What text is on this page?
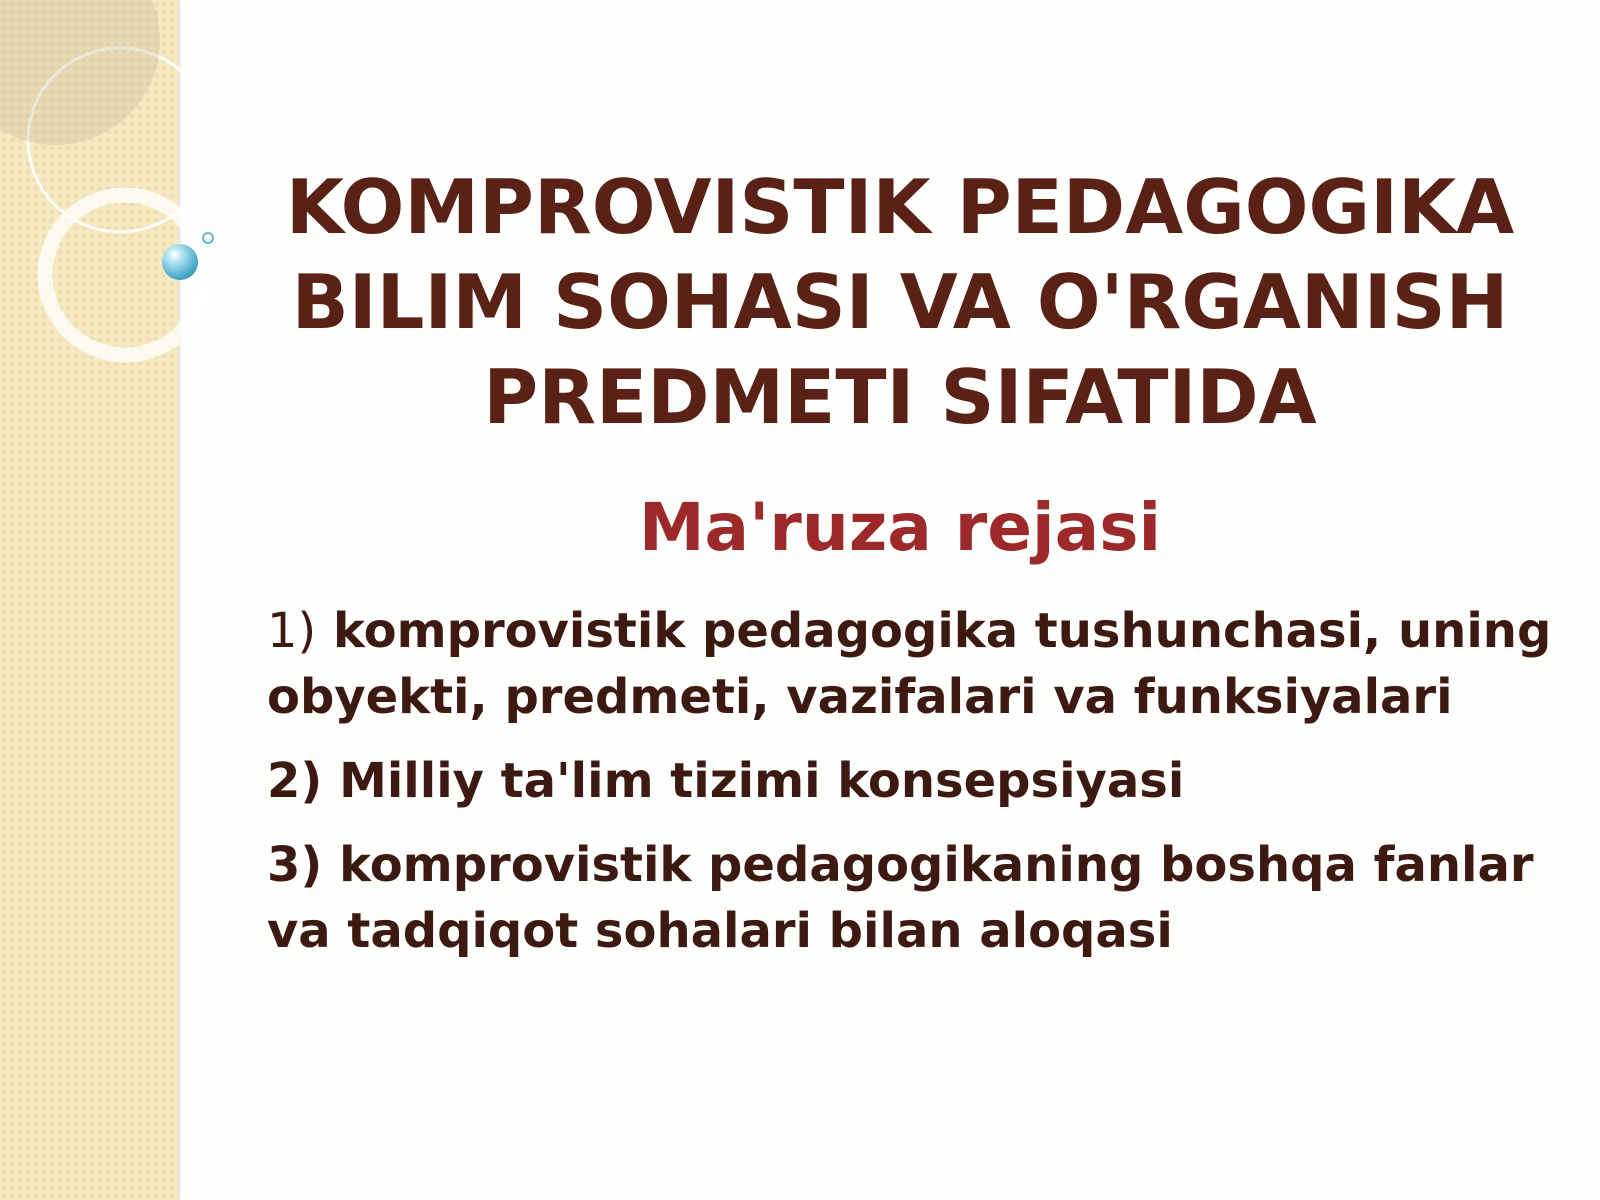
KOMPROVISTIK PEDAGOGIKA
BILIM SOHASI VA O'RGANISH
PREDMETI SIFATIDA
Ma'ruza rejasi
1) komprovistik pedagogika tushunchasi, uning obyekti, predmeti, vazifalari va funksiyalari
2) Milliy ta'lim tizimi konsepsiyasi
3) komprovistik pedagogikaning boshqa fanlar va tadqiqot sohalari bilan aloqasi
